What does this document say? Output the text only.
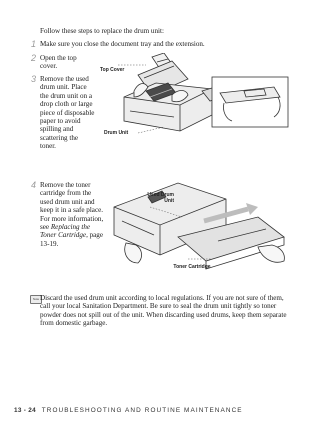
Follow these steps to replace the drum unit:
1 Make sure you close the document tray and the extension.
2 Open the top cover.
3 Remove the used drum unit. Place the drum unit on a drop cloth or large piece of disposable paper to avoid spilling and scattering the toner.
Top Cover
Drum Unit
4 Remove the toner cartridge from the used drum unit and keep it in a safe place. For more information, see Replacing the Toner Cartridge, page 13-19.
Used Drum Unit
Toner Cartridge
Note Discard the used drum unit according to local regulations. If you are not sure of them, call your local Sanitation Department. Be sure to seal the drum unit tightly so toner powder does not spill out of the unit. When discarding used drums, keep them separate from domestic garbage.
13 - 24 TROUBLESHOOTING AND ROUTINE MAINTENANCE
